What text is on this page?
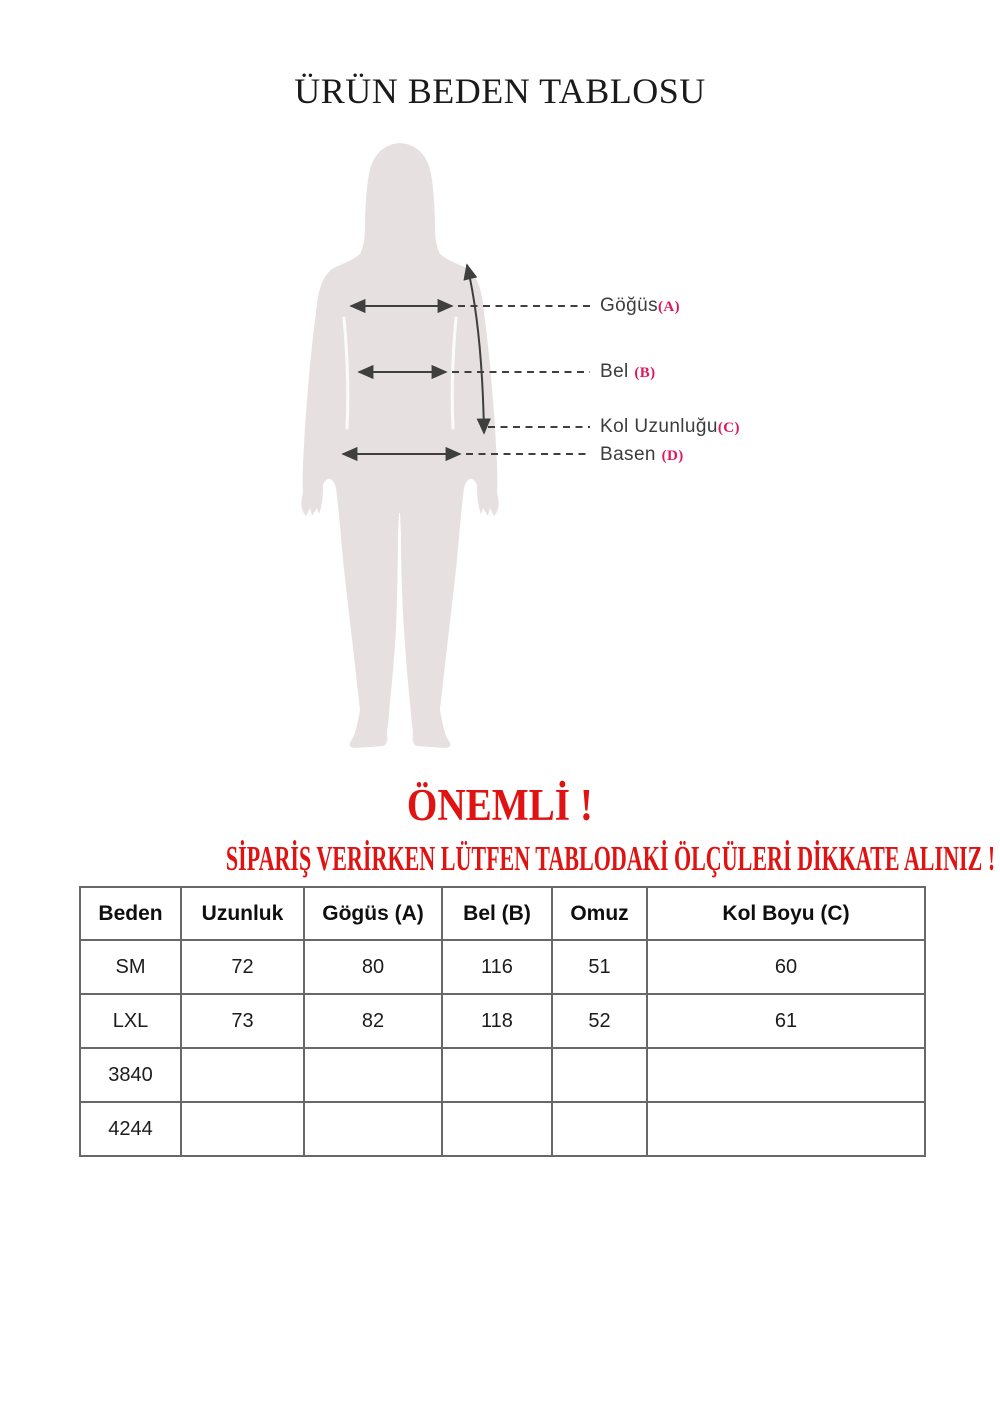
ÜRÜN BEDEN TABLOSU
Göğüs(A)
Bel (B)
Kol Uzunluğu(C)
Basen (D)
ÖNEMLİ !
SİPARİŞ VERİRKEN LÜTFEN TABLODAKİ ÖLÇÜLERİ DİKKATE ALINIZ !
Beden	Uzunluk	Gögüs (A)	Bel (B)	Omuz	Kol Boyu (C)
SM	72	80	116	51	60
LXL	73	82	118	52	61
3840					
4244					
